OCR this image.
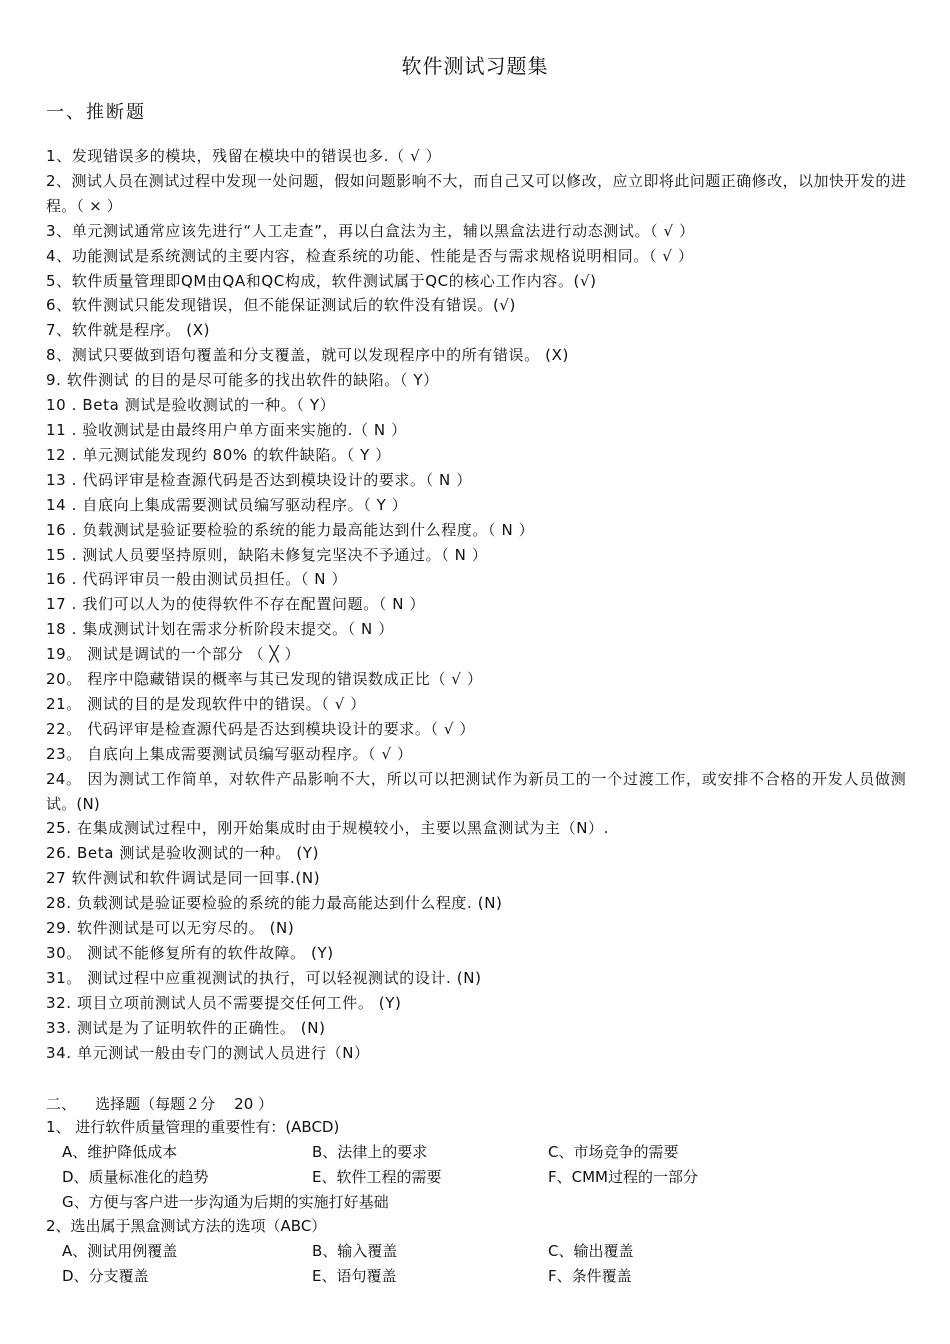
软件测试习题集
一、推断题
1、发现错误多的模块，残留在模块中的错误也多.（ √ ）
2、测试人员在测试过程中发现一处问题，假如问题影响不大，而自己又可以修改，应立即将此问题正确修改，以加快开发的进程。（ × ）
3、单元测试通常应该先进行“人工走查”，再以白盒法为主，辅以黑盒法进行动态测试。（ √ ）
4、功能测试是系统测试的主要内容，检查系统的功能、性能是否与需求规格说明相同。（ √ ）
5、软件质量管理即QM由QA和QC构成，软件测试属于QC的核心工作内容。(√)
6、软件测试只能发现错误，但不能保证测试后的软件没有错误。(√)
7、软件就是程序。 (X)
8、测试只要做到语句覆盖和分支覆盖，就可以发现程序中的所有错误。 (X)
9. 软件测试 的目的是尽可能多的找出软件的缺陷。（ Y）
10 . Beta 测试是验收测试的一种。（ Y）
11 . 验收测试是由最终用户单方面来实施的.（ N ）
12 . 单元测试能发现约 80% 的软件缺陷。（ Y ）
13 . 代码评审是检查源代码是否达到模块设计的要求。（ N ）
14 . 自底向上集成需要测试员编写驱动程序。（ Y ）
16 . 负载测试是验证要检验的系统的能力最高能达到什么程度。（ N ）
15 . 测试人员要坚持原则，缺陷未修复完坚决不予通过。（ N ）
16 . 代码评审员一般由测试员担任。（ N ）
17 . 我们可以人为的使得软件不存在配置问题。（ N ）
18 . 集成测试计划在需求分析阶段末提交。（ N ）
19。 测试是调试的一个部分 （ ╳ ）
20。 程序中隐藏错误的概率与其已发现的错误数成正比（ √ ）
21。 测试的目的是发现软件中的错误。（ √ ）
22。 代码评审是检查源代码是否达到模块设计的要求。（ √ ）
23。 自底向上集成需要测试员编写驱动程序。（ √ ）
24。 因为测试工作简单，对软件产品影响不大，所以可以把测试作为新员工的一个过渡工作，或安排不合格的开发人员做测试。(N)
25. 在集成测试过程中，刚开始集成时由于规模较小，主要以黑盒测试为主（N）.
26. Beta 测试是验收测试的一种。 (Y)
27 软件测试和软件调试是同一回事.(N)
28. 负载测试是验证要检验的系统的能力最高能达到什么程度. (N)
29. 软件测试是可以无穷尽的。 (N)
30。 测试不能修复所有的软件故障。 (Y)
31。 测试过程中应重视测试的执行，可以轻视测试的设计. (N)
32. 项目立项前测试人员不需要提交任何工件。 (Y)
33. 测试是为了证明软件的正确性。 (N)
34. 单元测试一般由专门的测试人员进行（N）
二、    选择题（每题２分    20 ）
1、 进行软件质量管理的重要性有：(ABCD)
A、维护降低成本	B、法律上的要求	C、市场竞争的需要
D、质量标准化的趋势	E、软件工程的需要	F、CMM过程的一部分
G、方便与客户进一步沟通为后期的实施打好基础
2、选出属于黑盒测试方法的选项（ABC）
A、测试用例覆盖	B、输入覆盖	C、输出覆盖
D、分支覆盖	E、语句覆盖	F、条件覆盖
